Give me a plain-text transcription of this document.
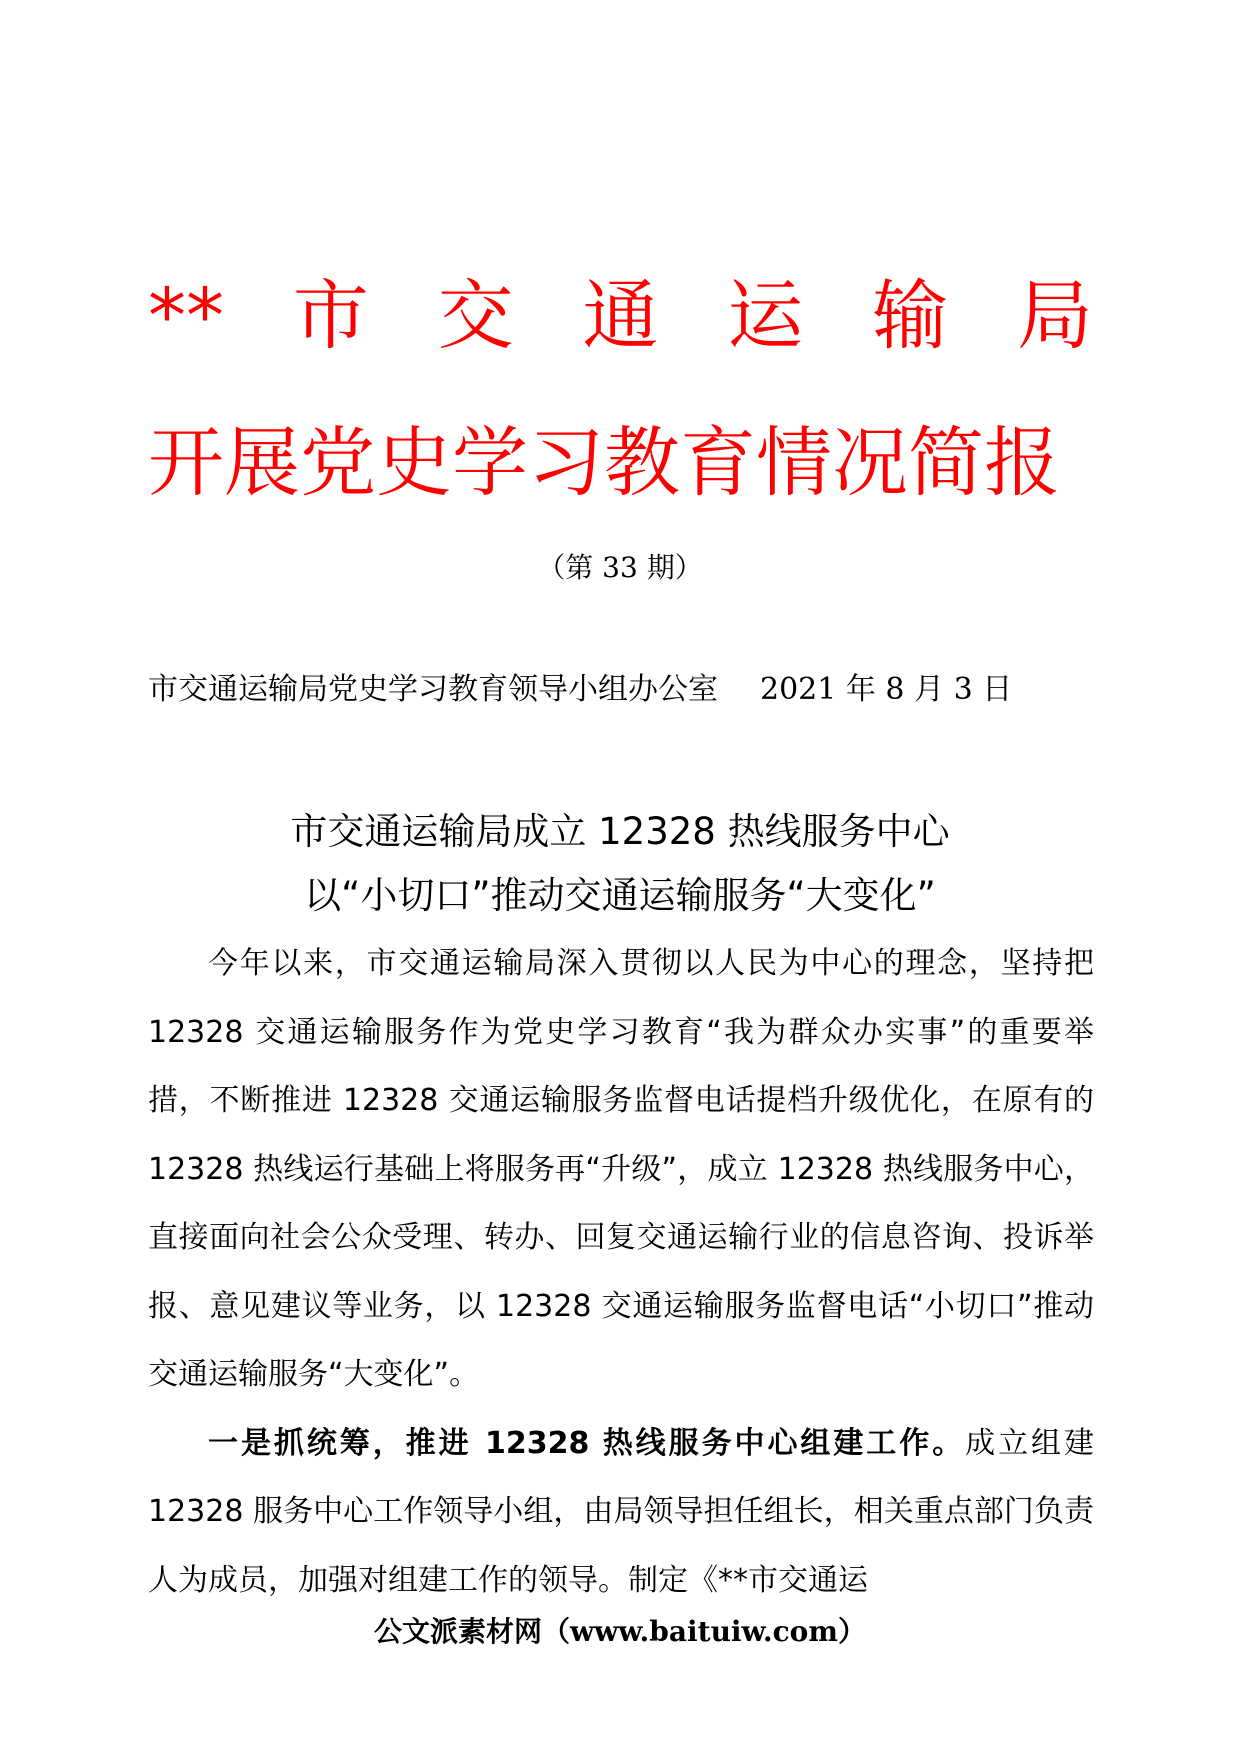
** 市 交 通 运 输 局
开展党史学习教育情况简报
（第 33 期）
市交通运输局党史学习教育领导小组办公室 2021 年 8 月 3 日
市交通运输局成立 12328 热线服务中心
以“小切口”推动交通运输服务“大变化”

今年以来，市交通运输局深入贯彻以人民为中心的理念，坚持把 12328 交通运输服务作为党史学习教育“我为群众办实事”的重要举措，不断推进 12328 交通运输服务监督电话提档升级优化，在原有的 12328 热线运行基础上将服务再“升级”，成立 12328 热线服务中心，直接面向社会公众受理、转办、回复交通运输行业的信息咨询、投诉举报、意见建议等业务，以 12328 交通运输服务监督电话“小切口”推动交通运输服务“大变化”。

一是抓统筹，推进 12328 热线服务中心组建工作。成立组建 12328 服务中心工作领导小组，由局领导担任组长，相关重点部门负责人为成员，加强对组建工作的领导。制定《**市交通运

公文派素材网（www.baituiw.com）
